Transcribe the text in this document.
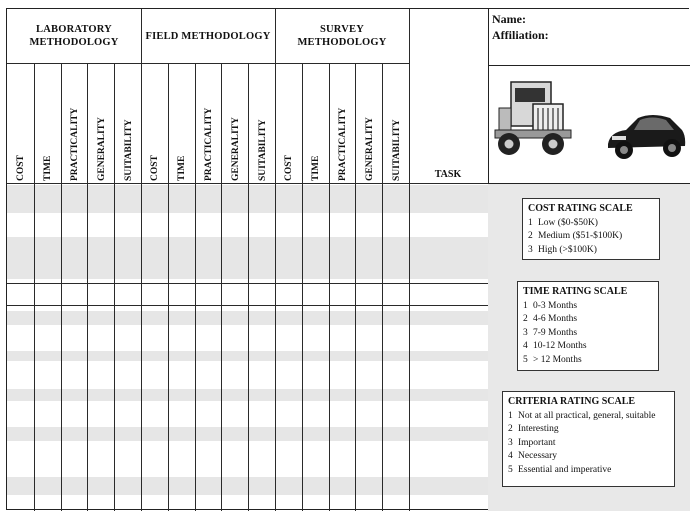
LABORATORY
METHODOLOGY
FIELD METHODOLOGY
SURVEY METHODOLOGY
COST TIME PRACTICALITY GENERALITY SUITABILITY COST TIME PRACTICALITY GENERALITY SUITABILITY COST TIME PRACTICALITY GENERALITY SUITABILITY	TASK
Name:
Affiliation:
COST RATING SCALE
1 Low ($0-$50K)
2 Medium ($51-$100K)
3 High (>$100K)
TIME RATING SCALE
1 0-3 Months
2 4-6 Months
3 7-9 Months
4 10-12 Months
5 > 12 Months
CRITERIA RATING SCALE
1 Not at all practical, general, suitable
2 Interesting
3 Important
4 Necessary
5 Essential and imperative
